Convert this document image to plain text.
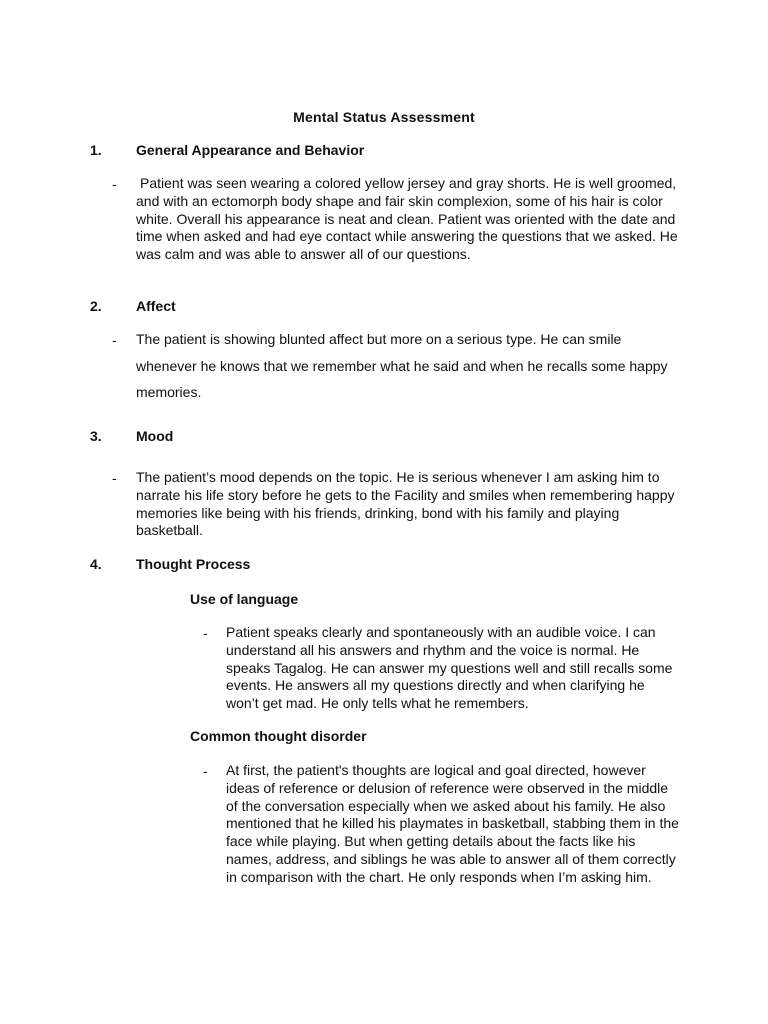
Mental Status Assessment
1. General Appearance and Behavior
- Patient was seen wearing a colored yellow jersey and gray shorts. He is well groomed, and with an ectomorph body shape and fair skin complexion, some of his hair is color white. Overall his appearance is neat and clean. Patient was oriented with the date and time when asked and had eye contact while answering the questions that we asked. He was calm and was able to answer all of our questions.

2. Affect
- The patient is showing blunted affect but more on a serious type. He can smile whenever he knows that we remember what he said and when he recalls some happy memories.

3. Mood
- The patient’s mood depends on the topic. He is serious whenever I am asking him to narrate his life story before he gets to the Facility and smiles when remembering happy memories like being with his friends, drinking, bond with his family and playing basketball.

4. Thought Process
Use of language
- Patient speaks clearly and spontaneously with an audible voice. I can understand all his answers and rhythm and the voice is normal. He speaks Tagalog. He can answer my questions well and still recalls some events. He answers all my questions directly and when clarifying he won’t get mad. He only tells what he remembers.

Common thought disorder
- At first, the patient's thoughts are logical and goal directed, however ideas of reference or delusion of reference were observed in the middle of the conversation especially when we asked about his family. He also mentioned that he killed his playmates in basketball, stabbing them in the face while playing. But when getting details about the facts like his names, address, and siblings he was able to answer all of them correctly in comparison with the chart. He only responds when I’m asking him.
